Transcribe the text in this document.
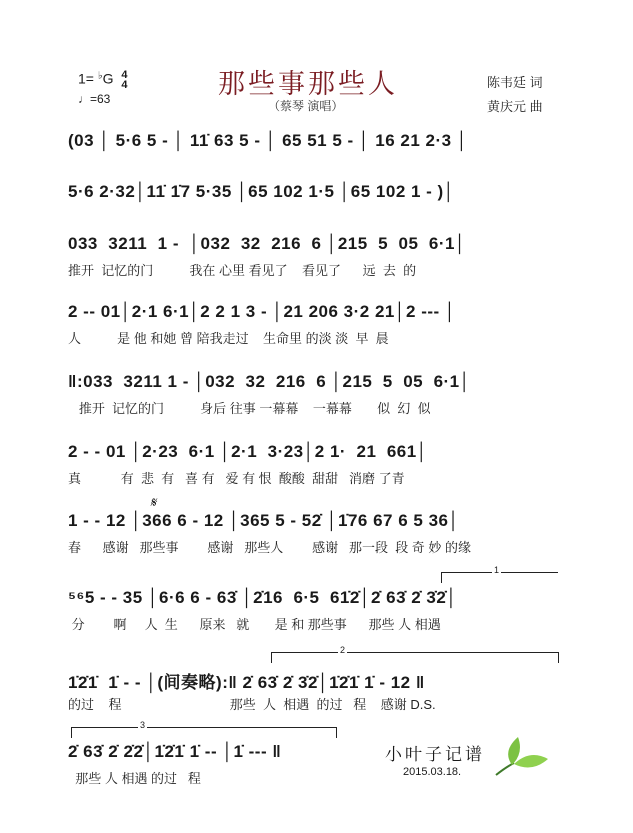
1= ♭G 4
4
♩=63	那些事那些人
（蔡琴 演唱）
陈韦廷 词
黄庆元 曲
(03 │ 5·6 5 - │ 11̇ 63 5 - │ 65 51 5 - │ 16 21 2·3 │
5·6 2·32│11̇ 1̇7 5·35 │65 102 1·5 │65 102 1 - )│
033  3211  1 -  │032  32  216  6 │215  5  05  6·1│
推开  记忆的门          我在 心里 看见了    看见了      远  去  的
2 -- 01│2·1 6·1│2 2 1 3 - │21 206 3·2 21│2 --- │
人          是 他 和她 曾 陪我走过    生命里 的淡 淡  早  晨
‖:033  3211 1 - │032  32  216  6 │215  5  05  6·1│
推开  记忆的门          身后 往事 一幕幕    一幕幕       似  幻  似
2 - - 01 │2·23  6·1 │2·1  3·23│2 1·  21  661│
真           有  悲  有   喜 有   爱 有 恨  酸酸  甜甜   消磨 了青
𝄋
1 - - 12 │366 6 - 12 │365 5 - 52̇ │1̇76 67 6 5 36│
春      感谢   那些事        感谢   那些人        感谢   那一段  段 奇 妙 的缘
1
⁵⁶5 - - 35 │6·6 6 - 63̇ │2̇16  6·5  61̇2̇│2̇ 63̇ 2̇ 3̇2̇│
分        啊     人  生      原来   就       是 和 那些事      那些 人 相遇
2
1̇2̇1̇  1̇ - - │(间奏略):‖ 2̇ 63̇ 2̇ 3̇2̇│1̇2̇1̇ 1̇ - 12 ‖
的过    程                              那些  人  相遇  的过   程    感谢 D.S.
3
2̇ 63̇ 2̇ 2̇2̇│1̇2̇1̇ 1̇ -- │1̇ --- ‖
那些 人 相遇 的过   程
小叶子记谱
2015.03.18.
